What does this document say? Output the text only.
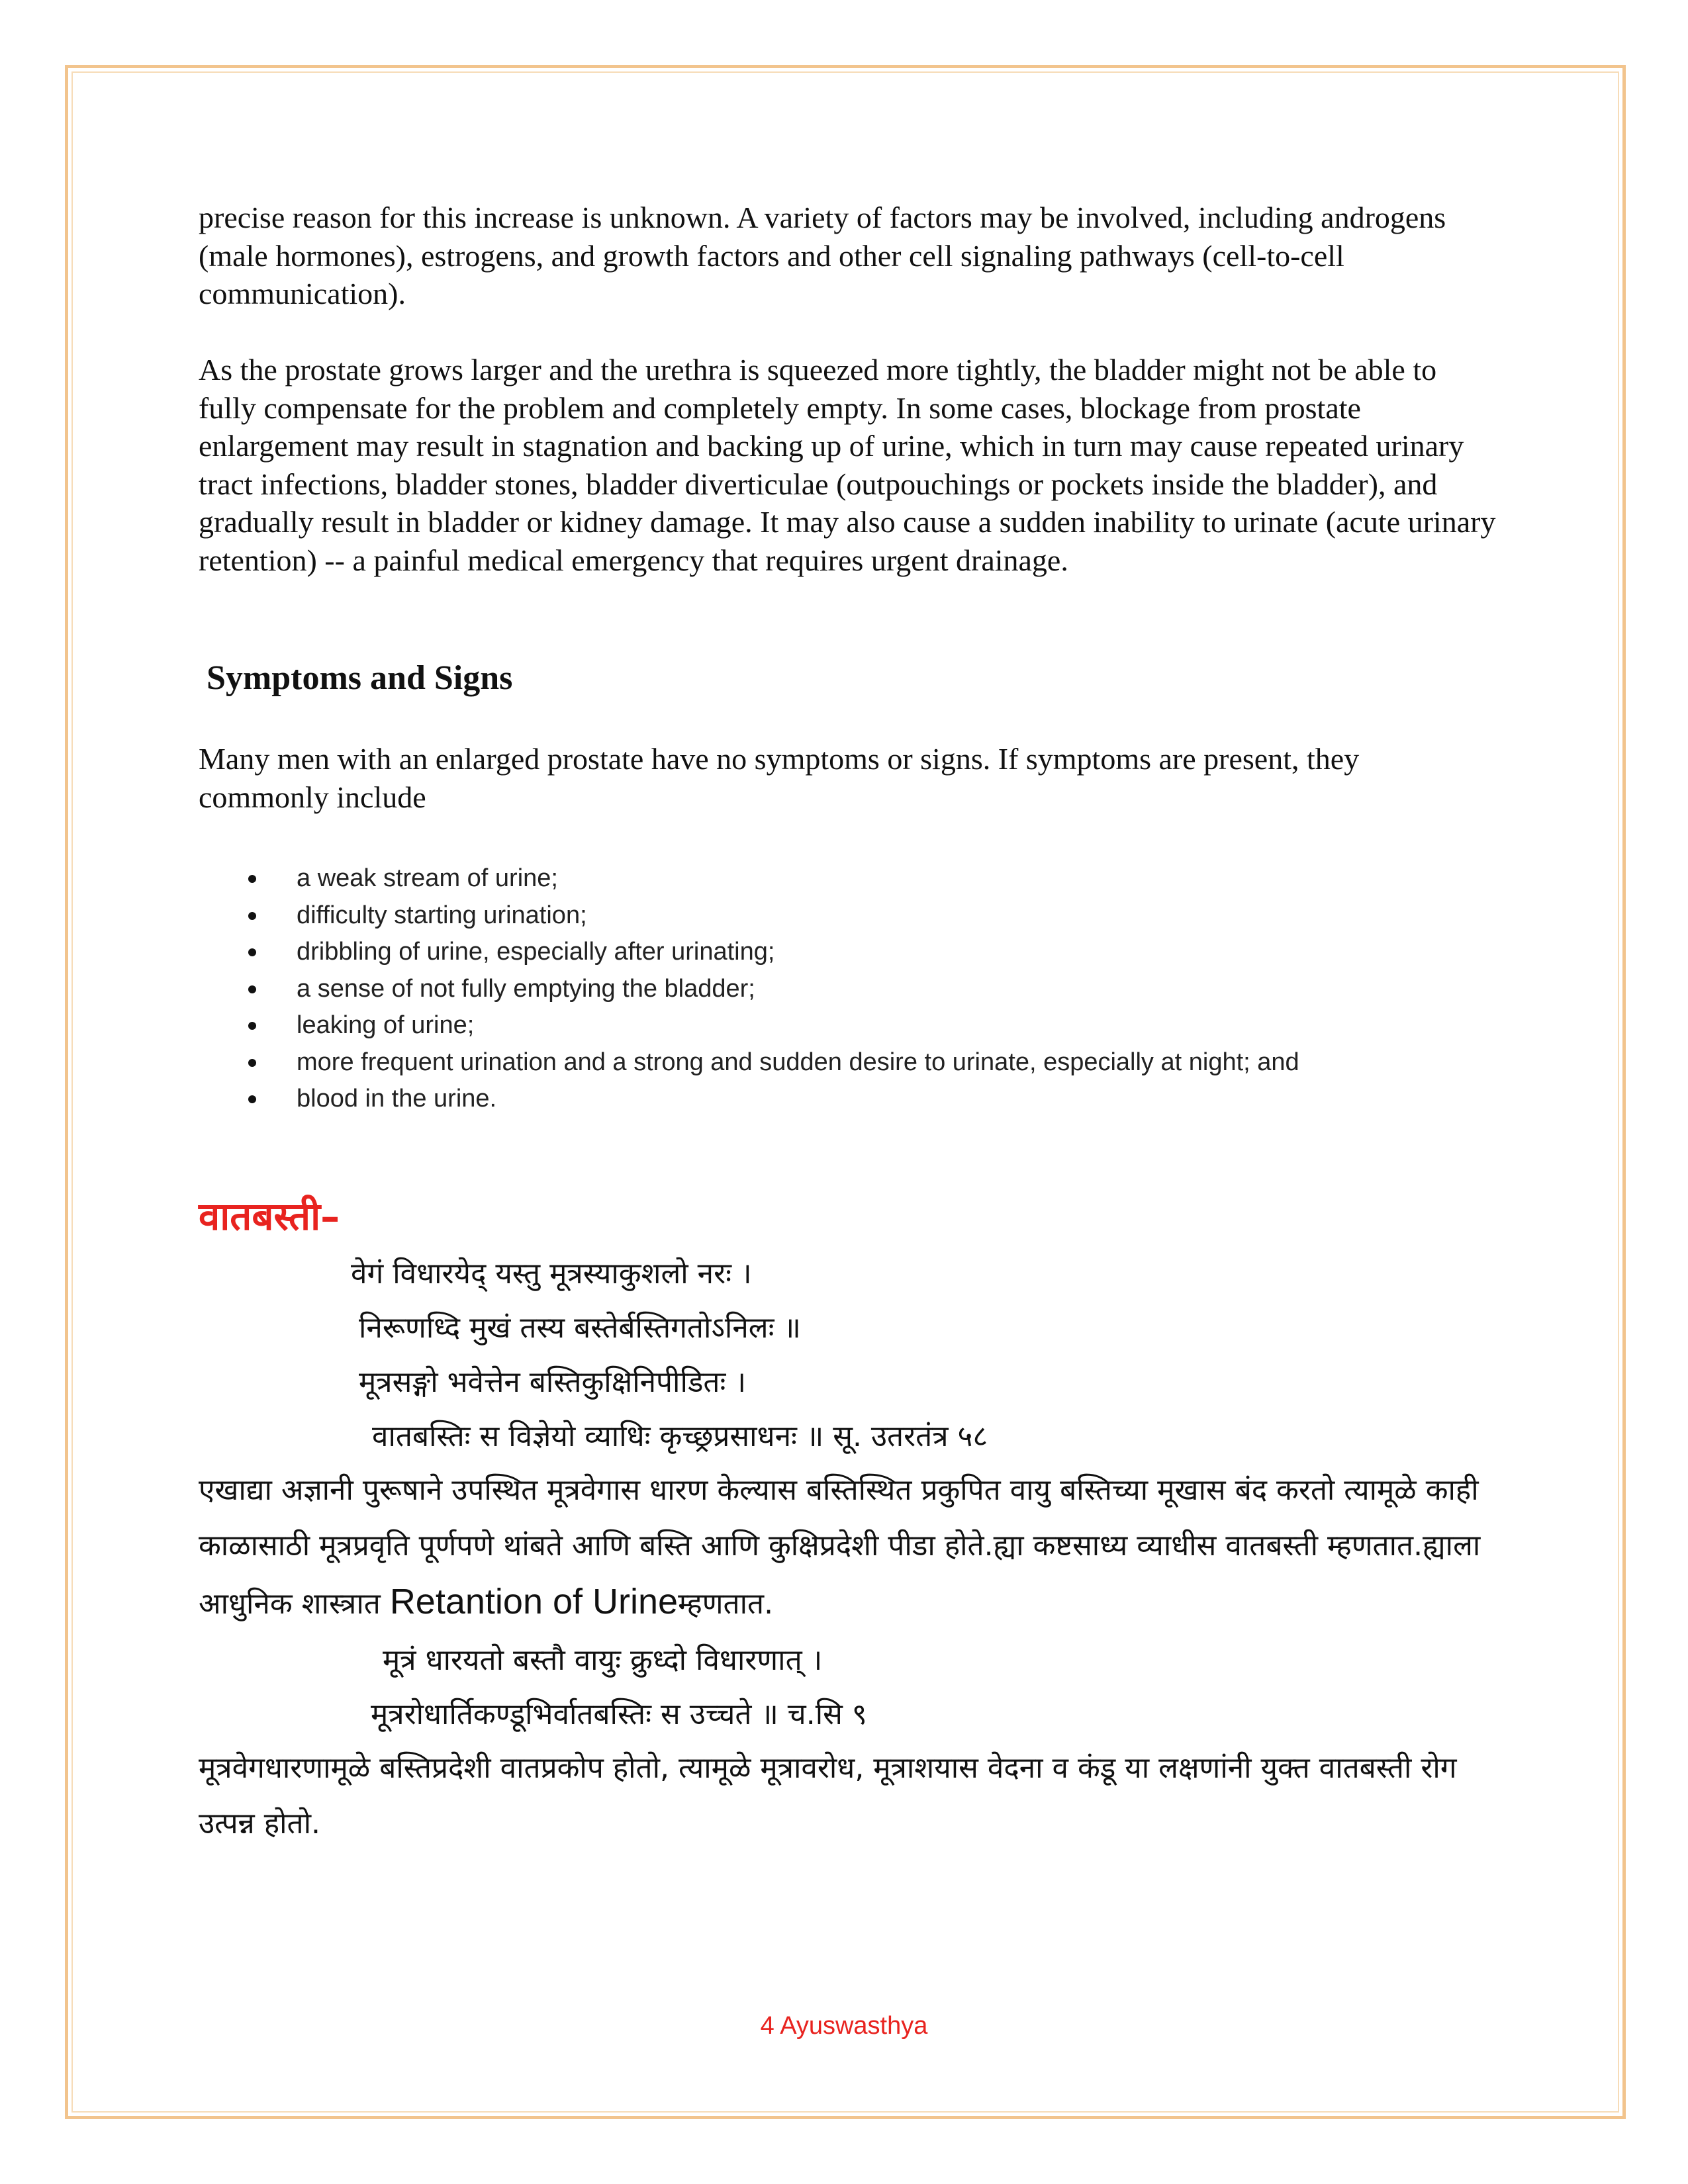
precise reason for this increase is unknown. A variety of factors may be involved, including androgens (male hormones), estrogens, and growth factors and other cell signaling pathways (cell-to-cell communication).

As the prostate grows larger and the urethra is squeezed more tightly, the bladder might not be able to fully compensate for the problem and completely empty. In some cases, blockage from prostate enlargement may result in stagnation and backing up of urine, which in turn may cause repeated urinary tract infections, bladder stones, bladder diverticulae (outpouchings or pockets inside the bladder), and gradually result in bladder or kidney damage. It may also cause a sudden inability to urinate (acute urinary retention) -- a painful medical emergency that requires urgent drainage.

Symptoms and Signs

Many men with an enlarged prostate have no symptoms or signs. If symptoms are present, they commonly include

a weak stream of urine;
difficulty starting urination;
dribbling of urine, especially after urinating;
a sense of not fully emptying the bladder;
leaking of urine;
more frequent urination and a strong and sudden desire to urinate, especially at night; and
blood in the urine.
वातबस्ती–

वेगं विधारयेद् यस्तु मूत्रस्याकुशलो नरः ।

निरूणध्दि मुखं तस्य बस्तेर्बस्तिगतोऽनिलः ॥

मूत्रसङ्गो भवेत्तेन बस्तिकुक्षिनिपीडितः ।

वातबस्तिः स विज्ञेयो व्याधिः कृच्छ्रप्रसाधनः ॥ सू. उतरतंत्र ५८

एखाद्या अज्ञानी पुरूषाने उपस्थित मूत्रवेगास धारण केल्यास बस्तिस्थित प्रकुपित वायु बस्तिच्या मूखास बंद करतो त्यामूळे काही काळासाठी मूत्रप्रवृति पूर्णपणे थांबते आणि बस्ति आणि कुक्षिप्रदेशी पीडा होते.ह्या कष्टसाध्य व्याधीस वातबस्ती म्हणतात.ह्याला आधुनिक शास्त्रात Retantion of Urineम्हणतात.

मूत्रं धारयतो बस्तौ वायुः क्रुध्दो विधारणात् ।

मूत्ररोधार्तिकण्डूभिर्वातबस्तिः स उच्चते ॥ च.सि ९

मूत्रवेगधारणामूळे बस्तिप्रदेशी वातप्रकोप होतो, त्यामूळे मूत्रावरोध, मूत्राशयास वेदना व कंडू या लक्षणांनी युक्त वातबस्ती रोग उत्पन्न होतो.

4 Ayuswasthya
